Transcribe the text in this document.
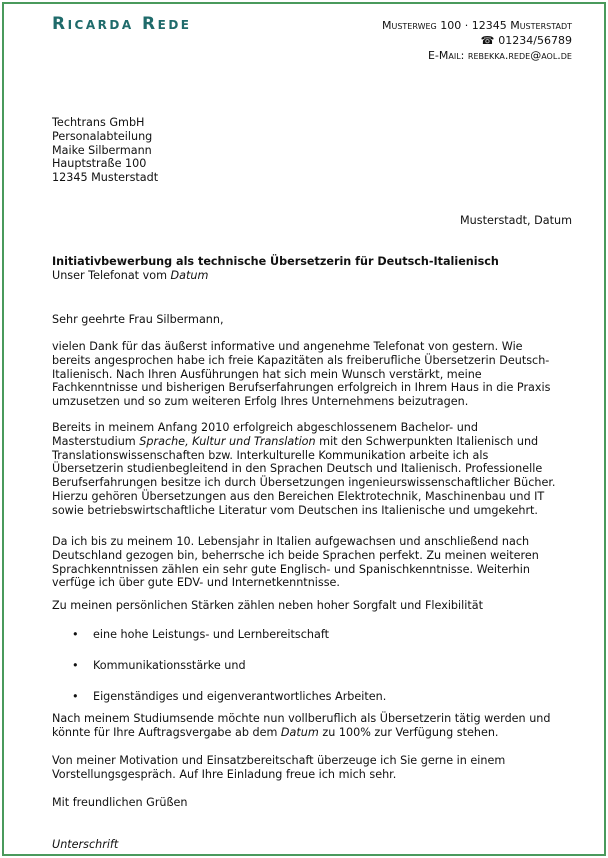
Ricarda Rede	Musterweg 100 · 12345 Musterstadt
☎ 01234/56789
E-Mail: rebekka.rede@aol.de
Techtrans GmbH
Personalabteilung
Maike Silbermann
Hauptstraße 100
12345 Musterstadt
Musterstadt, Datum
Initiativbewerbung als technische Übersetzerin für Deutsch-Italienisch
Unser Telefonat vom Datum
Sehr geehrte Frau Silbermann,
vielen Dank für das äußerst informative und angenehme Telefonat von gestern. Wie
bereits angesprochen habe ich freie Kapazitäten als freiberufliche Übersetzerin Deutsch-
Italienisch. Nach Ihren Ausführungen hat sich mein Wunsch verstärkt, meine
Fachkenntnisse und bisherigen Berufserfahrungen erfolgreich in Ihrem Haus in die Praxis
umzusetzen und so zum weiteren Erfolg Ihres Unternehmens beizutragen.
Bereits in meinem Anfang 2010 erfolgreich abgeschlossenem Bachelor- und
Masterstudium Sprache, Kultur und Translation mit den Schwerpunkten Italienisch und
Translationswissenschaften bzw. Interkulturelle Kommunikation arbeite ich als
Übersetzerin studienbegleitend in den Sprachen Deutsch und Italienisch. Professionelle
Berufserfahrungen besitze ich durch Übersetzungen ingenieurswissenschaftlicher Bücher.
Hierzu gehören Übersetzungen aus den Bereichen Elektrotechnik, Maschinenbau und IT
sowie betriebswirtschaftliche Literatur vom Deutschen ins Italienische und umgekehrt.
Da ich bis zu meinem 10. Lebensjahr in Italien aufgewachsen und anschließend nach
Deutschland gezogen bin, beherrsche ich beide Sprachen perfekt. Zu meinen weiteren
Sprachkenntnissen zählen ein sehr gute Englisch- und Spanischkenntnisse. Weiterhin
verfüge ich über gute EDV- und Internetkenntnisse.
Zu meinen persönlichen Stärken zählen neben hoher Sorgfalt und Flexibilität
• eine hohe Leistungs- und Lernbereitschaft
• Kommunikationsstärke und
• Eigenständiges und eigenverantwortliches Arbeiten.
Nach meinem Studiumsende möchte nun vollberuflich als Übersetzerin tätig werden und
könnte für Ihre Auftragsvergabe ab dem Datum zu 100% zur Verfügung stehen.
Von meiner Motivation und Einsatzbereitschaft überzeuge ich Sie gerne in einem
Vorstellungsgespräch. Auf Ihre Einladung freue ich mich sehr.
Mit freundlichen Grüßen
Unterschrift
